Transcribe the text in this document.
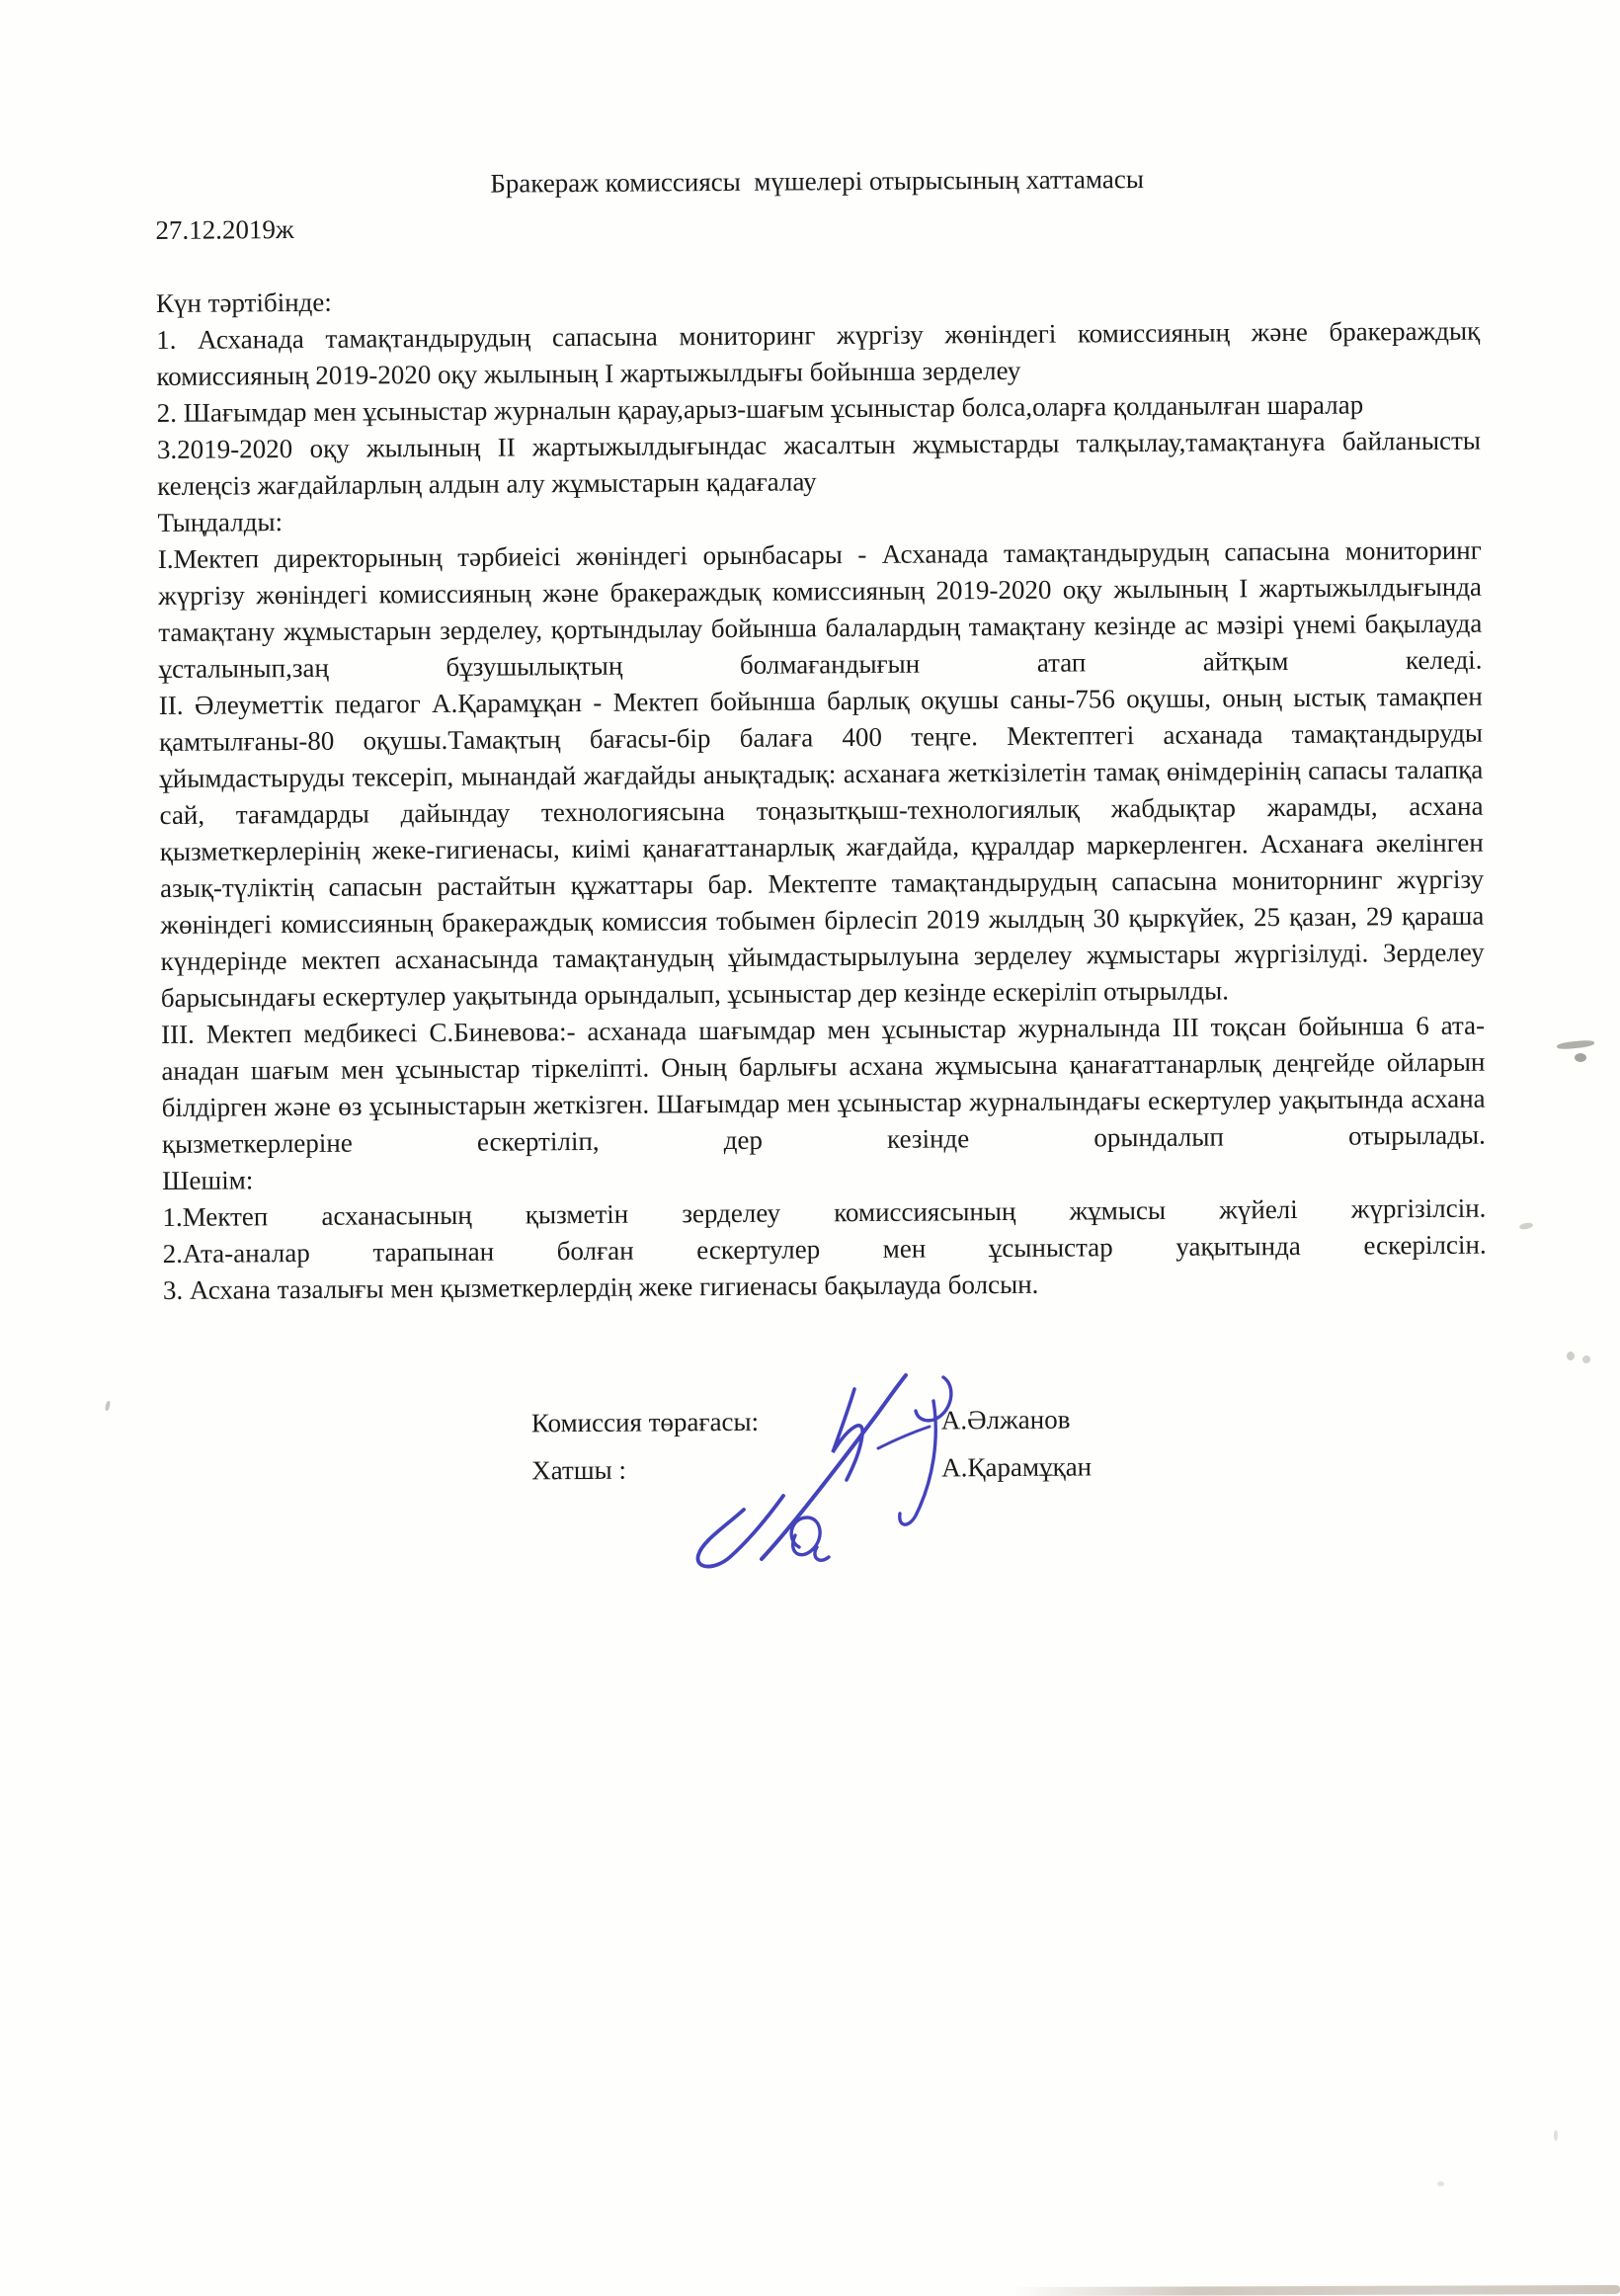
Бракераж комиссиясы  мүшелері отырысының хаттамасы

27.12.2019ж

Күн тәртібінде:

1. Асханада тамақтандырудың сапасына мониторинг жүргізу жөніндегі комиссияның және бракераждық комиссияның 2019-2020 оқу жылының І жартыжылдығы бойынша зерделеу

2. Шағымдар мен ұсыныстар журналын қарау,арыз-шағым ұсыныстар болса,оларға қолданылған шаралар

3.2019-2020 оқу жылының ІІ жартыжылдығындас жасалтын жұмыстарды талқылау,тамақтануға байланысты келеңсіз жағдайларлың алдын алу жұмыстарын қадағалау

Тыңдалды:

І.Мектеп директорының тәрбиеісі жөніндегі орынбасары - Асханада тамақтандырудың сапасына мониторинг жүргізу жөніндегі комиссияның және бракераждық комиссияның 2019-2020 оқу жылының І жартыжылдығында тамақтану жұмыстарын зерделеу, қортындылау бойынша балалардың тамақтану кезінде ас мәзірі үнемі бақылауда ұсталынып,заң бұзушылықтың болмағандығын атап айтқым келеді.

ІІ. Әлеуметтік педагог А.Қарамұқан - Мектеп бойынша барлық оқушы саны-756 оқушы, оның ыстық тамақпен қамтылғаны-80 оқушы.Тамақтың бағасы-бір балаға 400 теңге. Мектептегі асханада тамақтандыруды ұйымдастыруды тексеріп, мынандай жағдайды анықтадық: асханаға жеткізілетін тамақ өнімдерінің сапасы талапқа сай, тағамдарды дайындау технологиясына тоңазытқыш-технологиялық жабдықтар жарамды, асхана қызметкерлерінің жеке-гигиенасы, киімі қанағаттанарлық жағдайда, құралдар маркерленген. Асханаға әкелінген азық-түліктің сапасын растайтын құжаттары бар. Мектепте тамақтандырудың сапасына мониторнинг жүргізу жөніндегі комиссияның бракераждық комиссия тобымен бірлесіп 2019 жылдың 30 қыркүйек, 25 қазан, 29 қараша күндерінде мектеп асханасында тамақтанудың ұйымдастырылуына зерделеу жұмыстары жүргізілуді. Зерделеу барысындағы ескертулер уақытында орындалып, ұсыныстар дер кезінде ескеріліп отырылды.

ІІІ. Мектеп медбикесі С.Биневова:- асханада шағымдар мен ұсыныстар журналында ІІІ тоқсан бойынша 6 ата-анадан шағым мен ұсыныстар тіркеліпті. Оның барлығы асхана жұмысына қанағаттанарлық деңгейде ойларын білдірген және өз ұсыныстарын жеткізген. Шағымдар мен ұсыныстар журналындағы ескертулер уақытында асхана қызметкерлеріне ескертіліп, дер кезінде орындалып отырылады.

Шешім:

1.Мектеп асханасының қызметін зерделеу комиссиясының жұмысы жүйелі жүргізілсін.

2.Ата-аналар тарапынан болған ескертулер мен ұсыныстар уақытында ескерілсін.

3. Асхана тазалығы мен қызметкерлердің жеке гигиенасы бақылауда болсын.

Комиссия төрағасы:	А.Әлжанов
Хатшы :	А.Қарамұқан
